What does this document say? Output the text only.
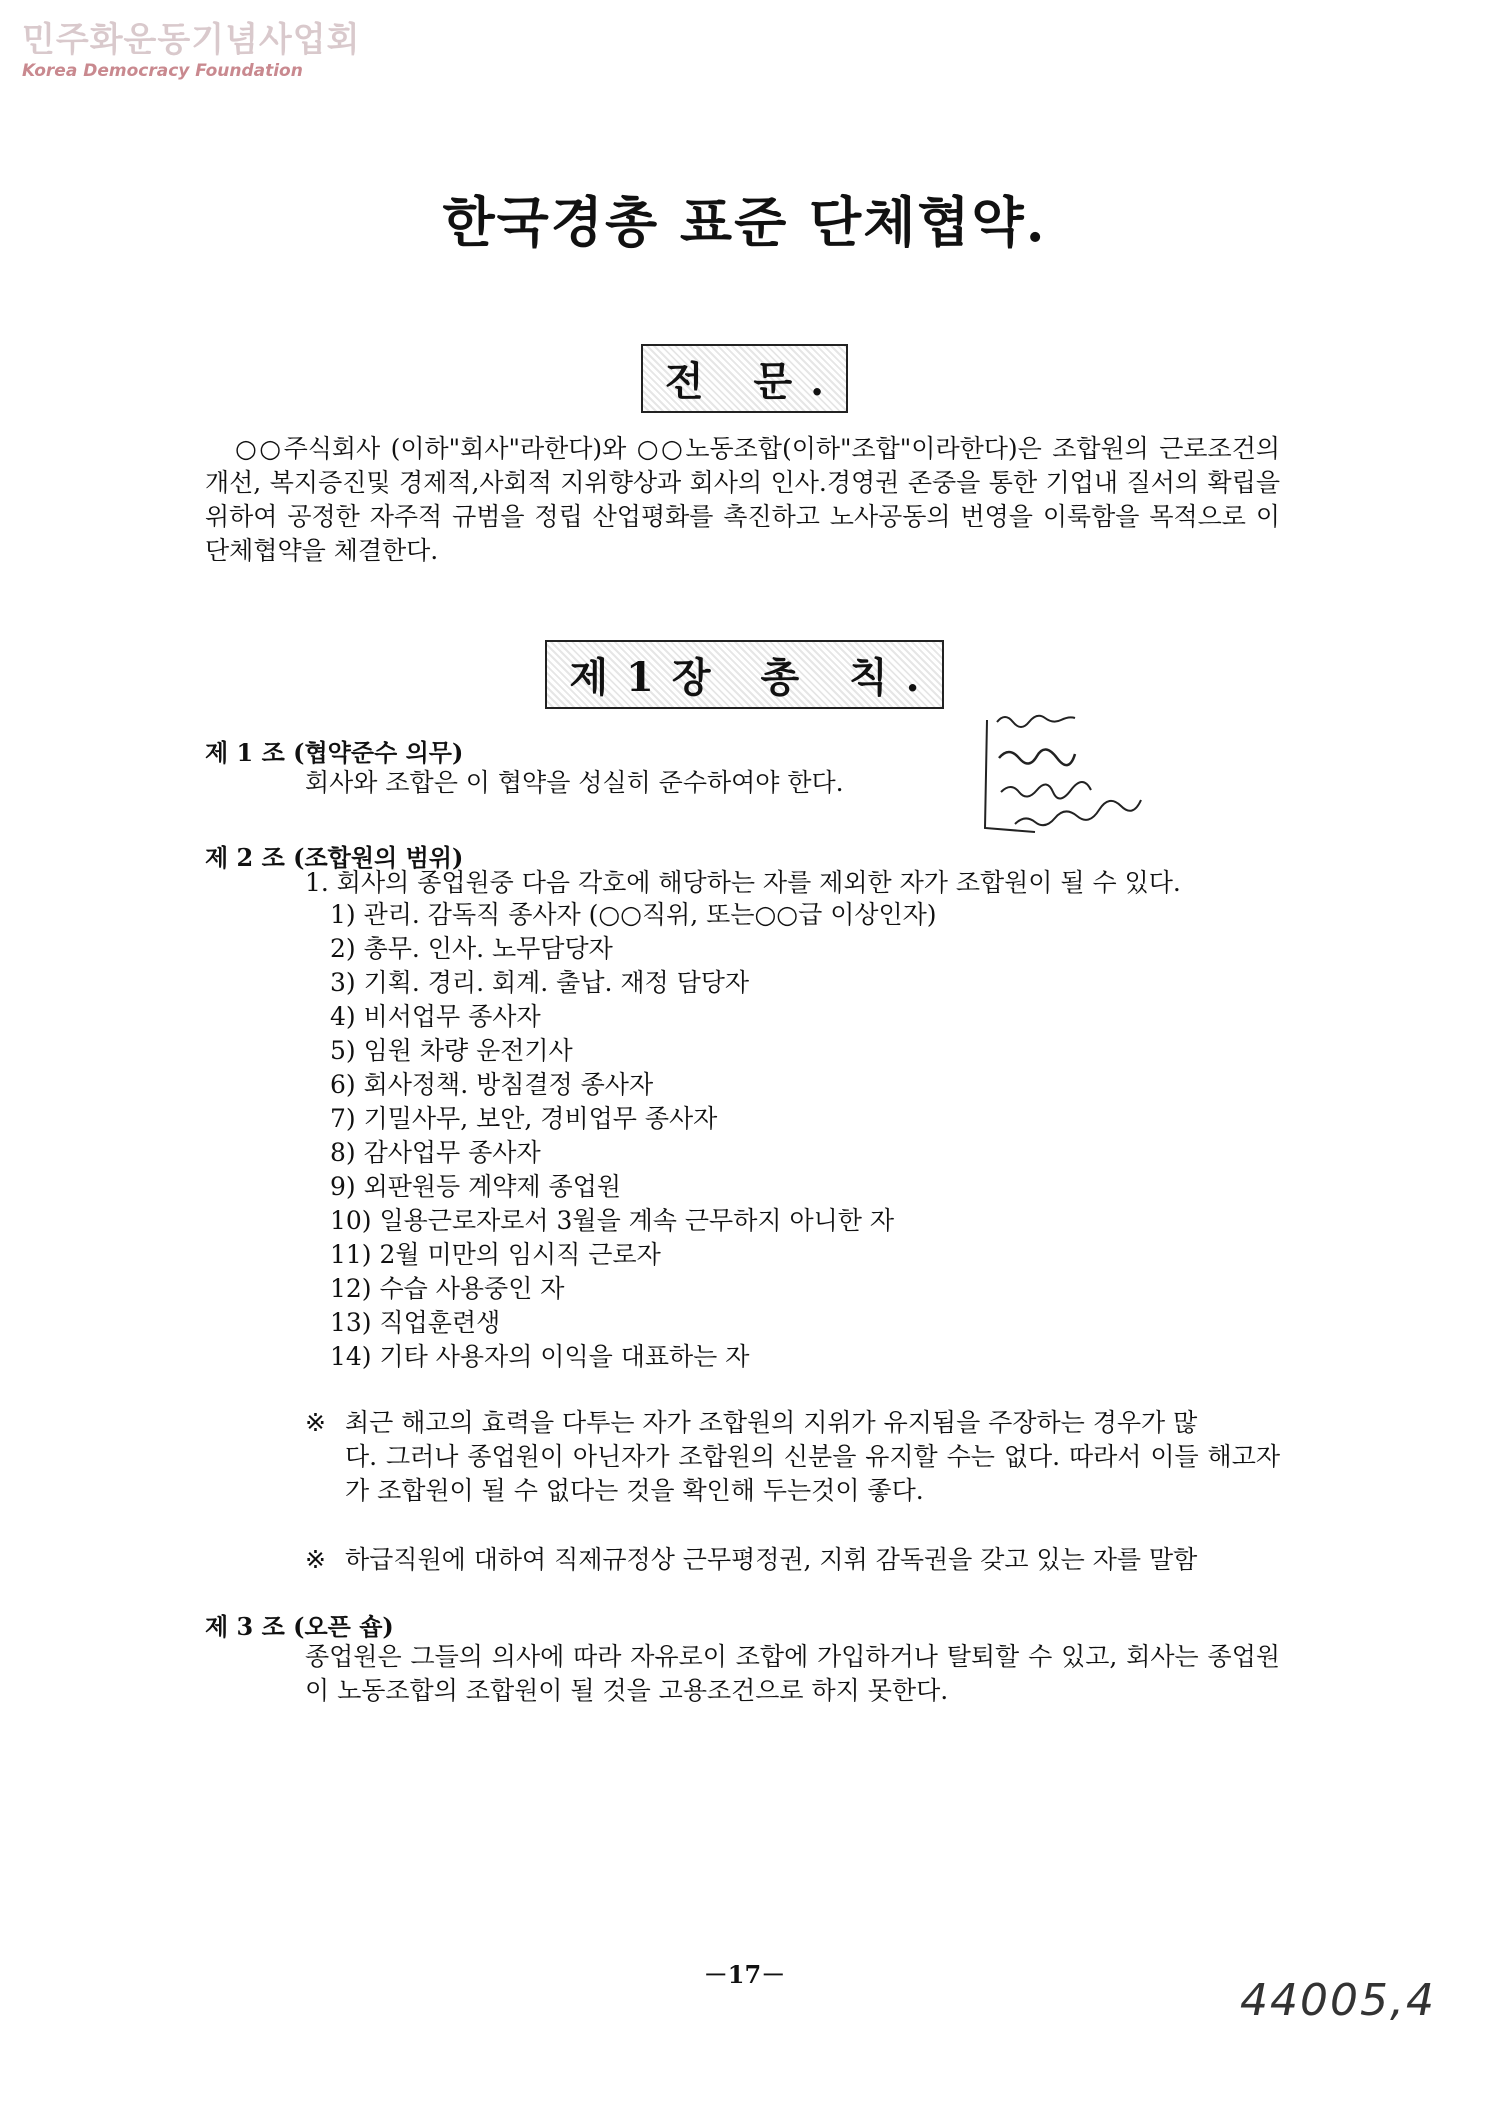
민주화운동기념사업회
Korea Democracy Foundation
한국경총 표준 단체협약.
전 문.
○○주식회사 (이하"회사"라한다)와 ○○노동조합(이하"조합"이라한다)은 조합원의 근로조건의 개선, 복지증진및 경제적,사회적 지위향상과 회사의 인사.경영권 존중을 통한 기업내 질서의 확립을 위하여 공정한 자주적 규범을 정립 산업평화를 촉진하고 노사공동의 번영을 이룩함을 목적으로 이 단체협약을 체결한다.
제1장 총 칙.
제 1 조 (협약준수 의무)
회사와 조합은 이 협약을 성실히 준수하여야 한다.
제 2 조 (조합원의 범위)
1. 회사의 종업원중 다음 각호에 해당하는 자를 제외한 자가 조합원이 될 수 있다.
1) 관리. 감독직 종사자 (○○직위, 또는○○급 이상인자)
2) 총무. 인사. 노무담당자
3) 기획. 경리. 회계. 출납. 재정 담당자
4) 비서업무 종사자
5) 임원 차량 운전기사
6) 회사정책. 방침결정 종사자
7) 기밀사무, 보안, 경비업무 종사자
8) 감사업무 종사자
9) 외판원등 계약제 종업원
10) 일용근로자로서 3월을 계속 근무하지 아니한 자
11) 2월 미만의 임시직 근로자
12) 수습 사용중인 자
13) 직업훈련생
14) 기타 사용자의 이익을 대표하는 자
※ 최근 해고의 효력을 다투는 자가 조합원의 지위가 유지됨을 주장하는 경우가 많
다. 그러나 종업원이 아닌자가 조합원의 신분을 유지할 수는 없다. 따라서 이들 해고자가 조합원이 될 수 없다는 것을 확인해 두는것이 좋다.
※ 하급직원에 대하여 직제규정상 근무평정권, 지휘 감독권을 갖고 있는 자를 말함
제 3 조 (오픈 숍)
종업원은 그들의 의사에 따라 자유로이 조합에 가입하거나 탈퇴할 수 있고, 회사는 종업원이 노동조합의 조합원이 될 것을 고용조건으로 하지 못한다.
－17－
44005,4
